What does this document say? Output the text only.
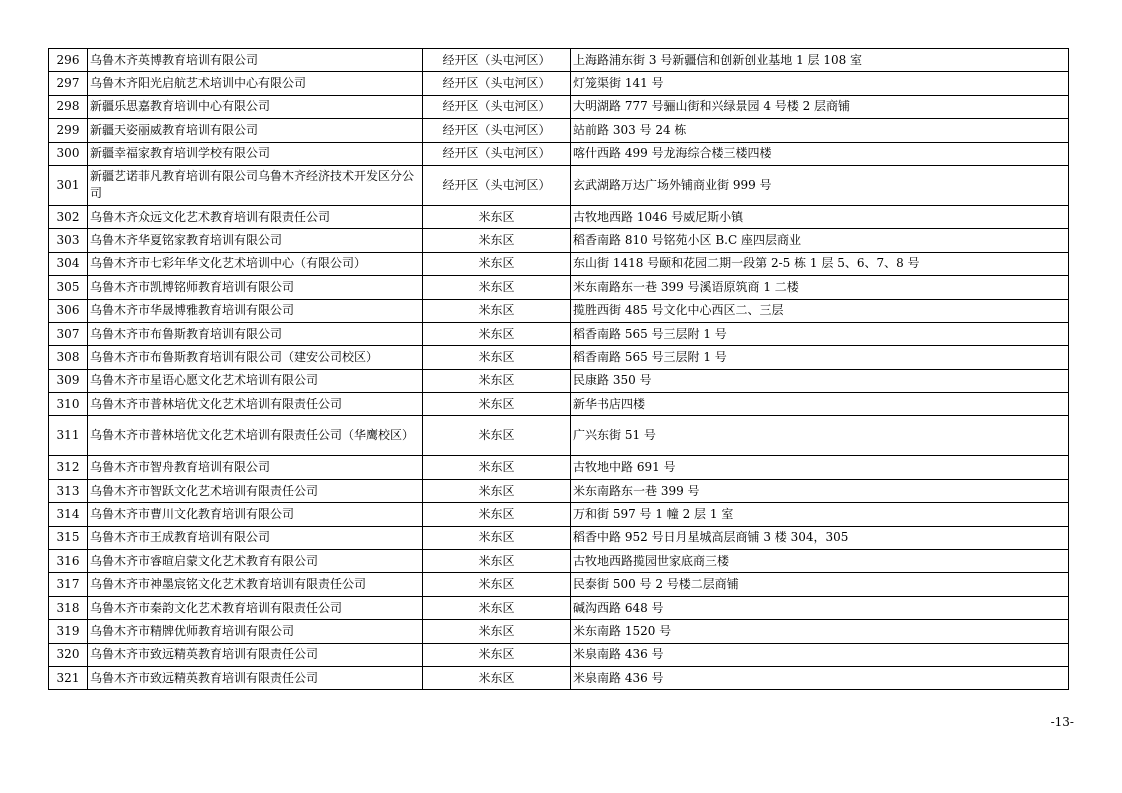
296	乌鲁木齐英博教育培训有限公司	经开区（头屯河区）	上海路浦东街 3 号新疆信和创新创业基地 1 层 108 室
297	乌鲁木齐阳光启航艺术培训中心有限公司	经开区（头屯河区）	灯笼渠街 141 号
298	新疆乐思嘉教育培训中心有限公司	经开区（头屯河区）	大明湖路 777 号骊山街和兴绿景园 4 号楼 2 层商铺
299	新疆天姿丽威教育培训有限公司	经开区（头屯河区）	站前路 303 号 24 栋
300	新疆幸福家教育培训学校有限公司	经开区（头屯河区）	喀什西路 499 号龙海综合楼三楼四楼
301	新疆艺诺菲凡教育培训有限公司乌鲁木齐经济技术开发区分公司	经开区（头屯河区）	玄武湖路万达广场外铺商业街 999 号
302	乌鲁木齐众远文化艺术教育培训有限责任公司	米东区	古牧地西路 1046 号威尼斯小镇
303	乌鲁木齐华夏铭家教育培训有限公司	米东区	稻香南路 810 号铭苑小区 B.C 座四层商业
304	乌鲁木齐市七彩年华文化艺术培训中心（有限公司）	米东区	东山街 1418 号颐和花园二期一段第 2-5 栋 1 层 5、6、7、8 号
305	乌鲁木齐市凯博铭师教育培训有限公司	米东区	米东南路东一巷 399 号溪语原筑商 1 二楼
306	乌鲁木齐市华晟博雅教育培训有限公司	米东区	揽胜西街 485 号文化中心西区二、三层
307	乌鲁木齐市布鲁斯教育培训有限公司	米东区	稻香南路 565 号三层附 1 号
308	乌鲁木齐市布鲁斯教育培训有限公司（建安公司校区）	米东区	稻香南路 565 号三层附 1 号
309	乌鲁木齐市星语心愿文化艺术培训有限公司	米东区	民康路 350 号
310	乌鲁木齐市普林培优文化艺术培训有限责任公司	米东区	新华书店四楼
311	乌鲁木齐市普林培优文化艺术培训有限责任公司（华鹰校区）	米东区	广兴东街 51 号
312	乌鲁木齐市智舟教育培训有限公司	米东区	古牧地中路 691 号
313	乌鲁木齐市智跃文化艺术培训有限责任公司	米东区	米东南路东一巷 399 号
314	乌鲁木齐市曹川文化教育培训有限公司	米东区	万和街 597 号 1 幢 2 层 1 室
315	乌鲁木齐市王成教育培训有限公司	米东区	稻香中路 952 号日月星城高层商铺 3 楼 304，305
316	乌鲁木齐市睿暄启蒙文化艺术教育有限公司	米东区	古牧地西路揽园世家底商三楼
317	乌鲁木齐市神墨宸铭文化艺术教育培训有限责任公司	米东区	民泰街 500 号 2 号楼二层商铺
318	乌鲁木齐市秦韵文化艺术教育培训有限责任公司	米东区	碱沟西路 648 号
319	乌鲁木齐市精牌优师教育培训有限公司	米东区	米东南路 1520 号
320	乌鲁木齐市致远精英教育培训有限责任公司	米东区	米泉南路 436 号
321	乌鲁木齐市致远精英教育培训有限责任公司	米东区	米泉南路 436 号
-13-
